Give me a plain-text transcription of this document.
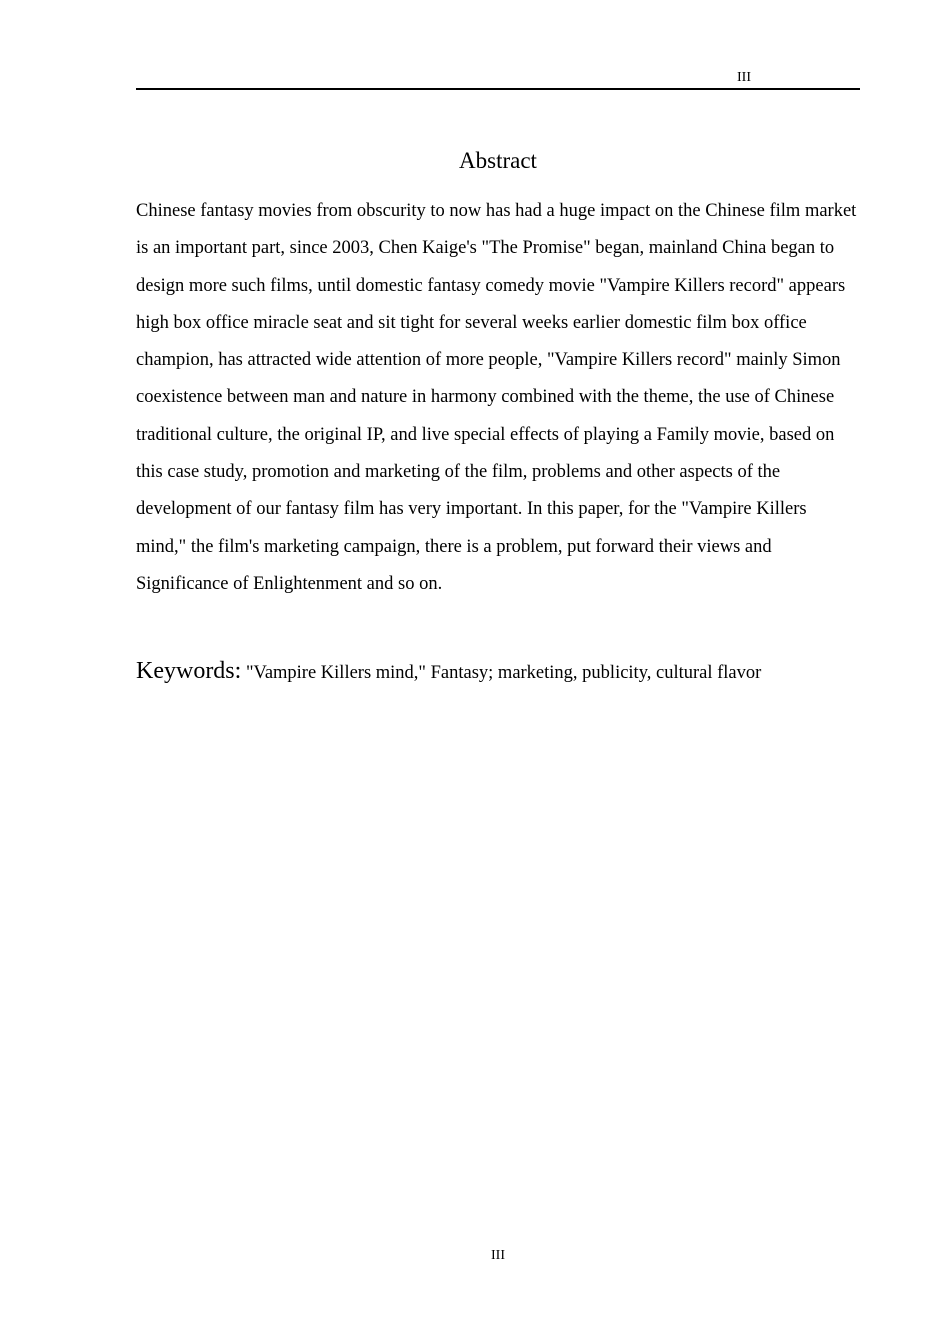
III
Abstract

Chinese fantasy movies from obscurity to now has had a huge impact on the Chinese film market is an important part, since 2003, Chen Kaige's "The Promise" began, mainland China began to design more such films, until domestic fantasy comedy movie "Vampire Killers record" appears high box office miracle seat and sit tight for several weeks earlier domestic film box office champion, has attracted wide attention of more people, "Vampire Killers record" mainly Simon coexistence between man and nature in harmony combined with the theme, the use of Chinese traditional culture, the original IP, and live special effects of playing a Family movie, based on this case study, promotion and marketing of the film, problems and other aspects of the development of our fantasy film has very important. In this paper, for the "Vampire Killers mind," the film's marketing campaign, there is a problem, put forward their views and Significance of Enlightenment and so on.

Keywords: "Vampire Killers mind," Fantasy; marketing, publicity, cultural flavor
III
